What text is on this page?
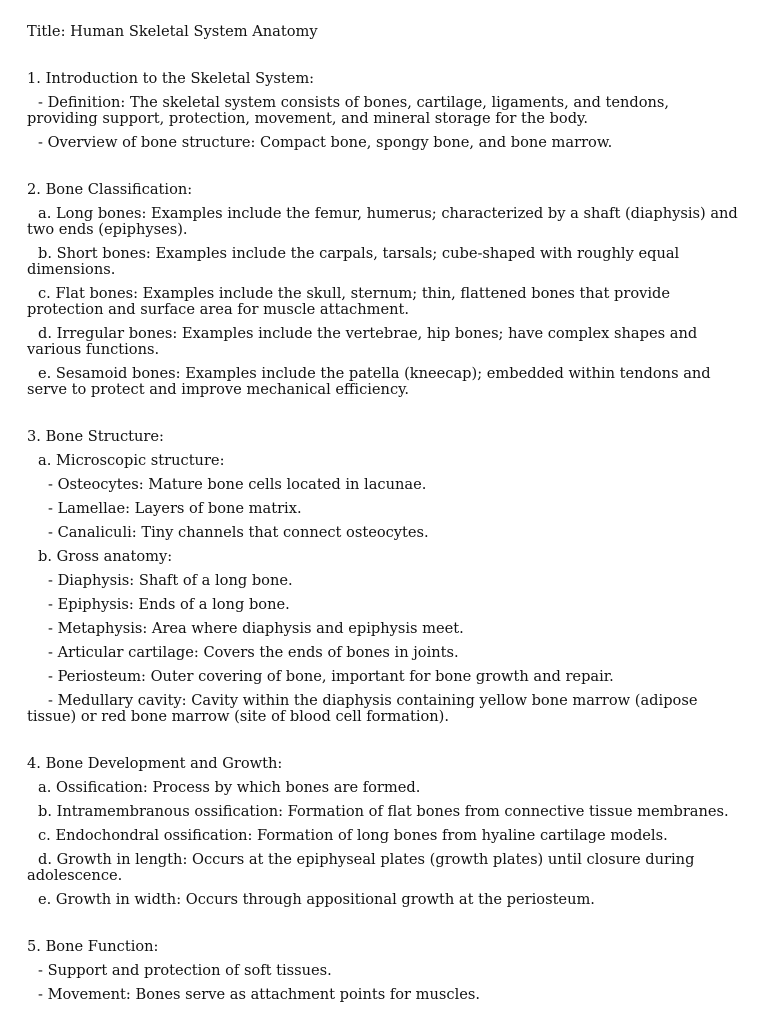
Title: Human Skeletal System Anatomy
1. Introduction to the Skeletal System:
- Definition: The skeletal system consists of bones, cartilage, ligaments, and tendons, providing support, protection, movement, and mineral storage for the body.
- Overview of bone structure: Compact bone, spongy bone, and bone marrow.
2. Bone Classification:
a. Long bones: Examples include the femur, humerus; characterized by a shaft (diaphysis) and two ends (epiphyses).
b. Short bones: Examples include the carpals, tarsals; cube-shaped with roughly equal dimensions.
c. Flat bones: Examples include the skull, sternum; thin, flattened bones that provide protection and surface area for muscle attachment.
d. Irregular bones: Examples include the vertebrae, hip bones; have complex shapes and various functions.
e. Sesamoid bones: Examples include the patella (kneecap); embedded within tendons and serve to protect and improve mechanical efficiency.
3. Bone Structure:
a. Microscopic structure:
- Osteocytes: Mature bone cells located in lacunae.
- Lamellae: Layers of bone matrix.
- Canaliculi: Tiny channels that connect osteocytes.
b. Gross anatomy:
- Diaphysis: Shaft of a long bone.
- Epiphysis: Ends of a long bone.
- Metaphysis: Area where diaphysis and epiphysis meet.
- Articular cartilage: Covers the ends of bones in joints.
- Periosteum: Outer covering of bone, important for bone growth and repair.
- Medullary cavity: Cavity within the diaphysis containing yellow bone marrow (adipose tissue) or red bone marrow (site of blood cell formation).
4. Bone Development and Growth:
a. Ossification: Process by which bones are formed.
b. Intramembranous ossification: Formation of flat bones from connective tissue membranes.
c. Endochondral ossification: Formation of long bones from hyaline cartilage models.
d. Growth in length: Occurs at the epiphyseal plates (growth plates) until closure during adolescence.
e. Growth in width: Occurs through appositional growth at the periosteum.
5. Bone Function:
- Support and protection of soft tissues.
- Movement: Bones serve as attachment points for muscles.
